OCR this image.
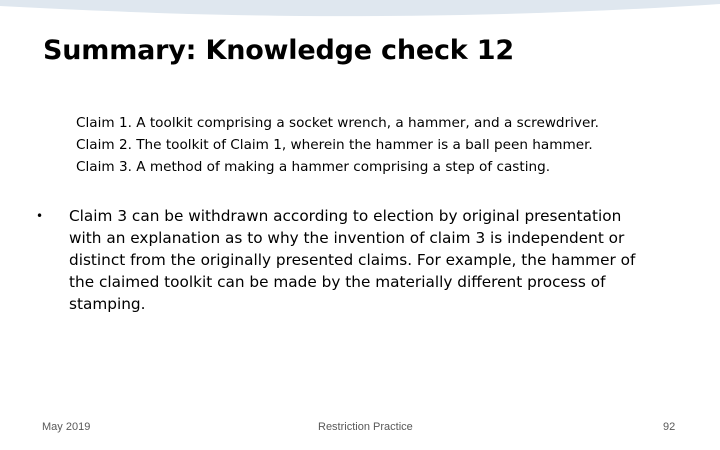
Summary: Knowledge check 12
Claim 1. A toolkit comprising a socket wrench, a hammer, and a screwdriver.
Claim 2. The toolkit of Claim 1, wherein the hammer is a ball peen hammer.
Claim 3. A method of making a hammer comprising a step of casting.
• Claim 3 can be withdrawn according to election by original presentation
with an explanation as to why the invention of claim 3 is independent or
distinct from the originally presented claims. For example, the hammer of
the claimed toolkit can be made by the materially different process of
stamping.
May 2019	Restriction Practice	92
